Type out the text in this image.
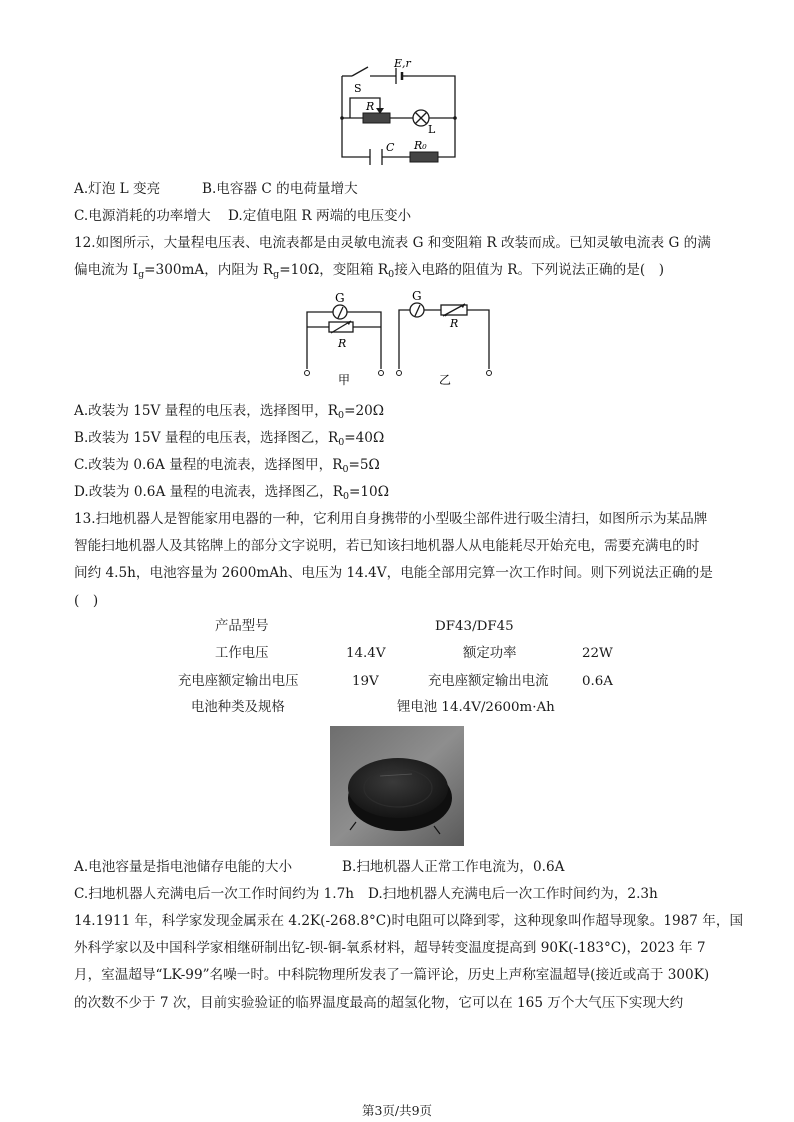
S
E,r
R
L
C R₀
A.灯泡 L 变亮	B.电容器 C 的电荷量增大
C.电源消耗的功率增大 D.定值电阻 R 两端的电压变小
12.如图所示，大量程电压表、电流表都是由灵敏电流表 G 和变阻箱 R 改装而成。已知灵敏电流表 G 的满
偏电流为 $I_g=300mA$，内阻为 $R_g=10\Omega$，变阻箱 $R_0$接入电路的阻值为 R。下列说法正确的是(　)
G	G
R
R
甲	乙
A.改装为 15V 量程的电压表，选择图甲，$R_0=20\Omega$
B.改装为 15V 量程的电压表，选择图乙，$R_0=40\Omega$
C.改装为 0.6A 量程的电流表，选择图甲，$R_0=5\Omega$
D.改装为 0.6A 量程的电流表，选择图乙，$R_0=10\Omega$
13.扫地机器人是智能家用电器的一种，它利用自身携带的小型吸尘部件进行吸尘清扫，如图所示为某品牌
智能扫地机器人及其铭牌上的部分文字说明，若已知该扫地机器人从电能耗尽开始充电，需要充满电的时
间约 4.5h，电池容量为 2600mAh、电压为 14.4V，电能全部用完算一次工作时间。则下列说法正确的是
(　)
产品型号	DF43/DF45
工作电压	14.4V	额定功率	22W
充电座额定输出电压	19V	充电座额定输出电流 0.6A
电池种类及规格	锂电池 14.4V/2600m·Ah
A.电池容量是指电池储存电能的大小	B.扫地机器人正常工作电流为，0.6A
C.扫地机器人充满电后一次工作时间约为 1.7h D.扫地机器人充满电后一次工作时间约为，2.3h
14.1911 年，科学家发现金属汞在 4.2K(-268.8°C)时电阻可以降到零，这种现象叫作超导现象。1987 年，国
外科学家以及中国科学家相继研制出钇-钡-铜-氧系材料，超导转变温度提高到 90K(-183°C)，2023 年 7
月，室温超导“LK-99”名噪一时。中科院物理所发表了一篇评论，历史上声称室温超导(接近或高于 300K)
的次数不少于 7 次，目前实验验证的临界温度最高的超氢化物，它可以在 165 万个大气压下实现大约
第3页/共9页
